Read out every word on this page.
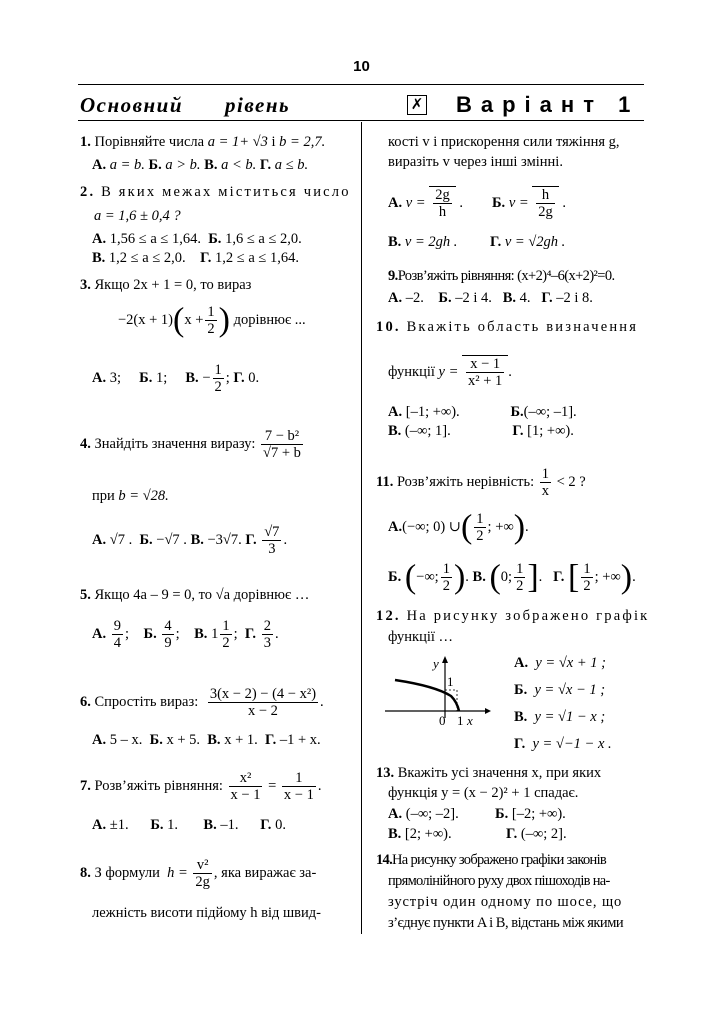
10
Основний рівень	✗ Варіант 1
1. Порівняйте числа a = 1+ √3 і b = 2,7.
А. a = b. Б. a > b. В. a < b. Г. a ≤ b.
2. В яких межах міститься число
a = 1,6 ± 0,4 ?
А. 1,56 ≤ a ≤ 1,64. Б. 1,6 ≤ a ≤ 2,0.
В. 1,2 ≤ a ≤ 2,0. Г. 1,2 ≤ a ≤ 1,64.
3. Якщо 2x + 1 = 0, то вираз
$-2(x + 1)(x + \frac{1}{2}$ ) дорівнює ...
А. 3; Б. 1; В. − $\frac{1}{2}$ ; Г. 0.
4. Знайдіть значення виразу: $\frac{\text{7 − b²}}{√7 + b}$
при b = √28.
А. √7 . Б. −√7 . В. −3√7. Г. $\frac{√7}{3}$ .
5. Якщо 4a – 9 = 0, то √a дорівнює …
А. $\frac{9}{4}$ ; Б. $\frac{4}{9}$ ; В. $1 \frac{1}{2}$ ; Г. $\frac{2}{3}$ .
6. Спростіть вираз: $\frac{\text{3(x − 2) − (4 − x²)}}{x - 2}$ .
А. 5 – x. Б. x + 5. В. x + 1. Г. –1 + x.
7. Розв’яжіть рівняння: $\frac{\text{x²}}{x - 1} = \frac{1}{x - 1}$ .
А. ±1. Б. 1. В. –1. Г. 0.
8. З формули $h = \frac{\text{v²}}{2g}$ , яка виражає за-
лежність висоти підйому h від швид-
кості v і прискорення сили тяжіння g,
виразіть v через інші змінні.
А. $v = \frac{2g}{h}$ .        Б. $v = \frac{h}{2g}$ .
В. v = 2gh . Г. v = √2gh .
9.Розв’яжіть рівняння: (x+2)⁴–6(x+2)²=0.
А. –2. Б. –2 і 4. В. 4. Г. –2 і 8.
10. Вкажіть область визначення
функції $y = \frac{x - 1}{\text{x² + 1}}$ .
А. [–1; +∞).	Б.(–∞; –1].
В. (–∞; 1].	Г. [1; +∞).
11. Розв’яжіть нерівність: $\frac{1}{x} < 2$ ?
А.(−∞; 0) ∪( $\frac{1}{2}$ ; +∞).
Б. (−∞; $\frac{1}{2}$ ). В. (0; $\frac{1}{2}$ ].   Г. [ $\frac{1}{2}$ ; +∞).
12. На рисунку зображено графік
функції …
y
1
0 1 x
А. y = √x + 1 ;
Б. y = √x − 1 ;
В. y = √1 − x ;
Г. y = √−1 − x .
13. Вкажіть усі значення x, при яких
функція y = (x − 2)² + 1 спадає.
А. (–∞; –2].	Б. [–2; +∞).
В. [2; +∞).	Г. (–∞; 2].
14.На рисунку зображено графіки законів
прямолінійного руху двох пішоходів на-
зустріч один одному по шосе, що
з’єднує пункти A і B, відстань між якими
